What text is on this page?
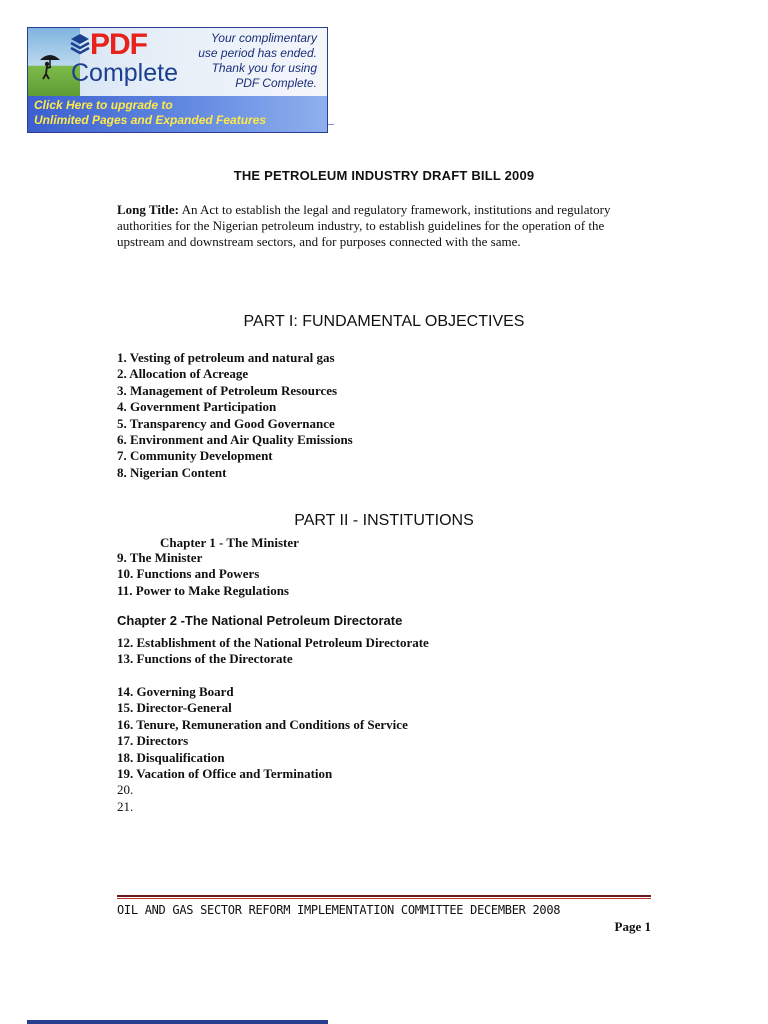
PDF
Complete
Your complimentary
use period has ended.
Thank you for using
PDF Complete.
Click Here to upgrade to
Unlimited Pages and Expanded Features	_
THE PETROLEUM INDUSTRY DRAFT BILL 2009
Long Title: An Act to establish the legal and regulatory framework, institutions and regulatory authorities for the Nigerian petroleum industry, to establish guidelines for the operation of the upstream and downstream sectors, and for purposes connected with the same.
PART I: FUNDAMENTAL OBJECTIVES
1. Vesting of petroleum and natural gas
2. Allocation of Acreage
3. Management of Petroleum Resources
4. Government Participation
5. Transparency and Good Governance
6. Environment and Air Quality Emissions
7. Community Development
8. Nigerian Content
PART II - INSTITUTIONS
Chapter 1 - The Minister
9. The Minister
10. Functions and Powers
11. Power to Make Regulations
Chapter 2 -The National Petroleum Directorate
12. Establishment of the National Petroleum Directorate
13. Functions of the Directorate
14. Governing Board
15. Director-General
16. Tenure, Remuneration and Conditions of Service
17. Directors
18. Disqualification
19. Vacation of Office and Termination
20.
21.
OIL AND GAS SECTOR REFORM IMPLEMENTATION COMMITTEE DECEMBER 2008
Page 1
